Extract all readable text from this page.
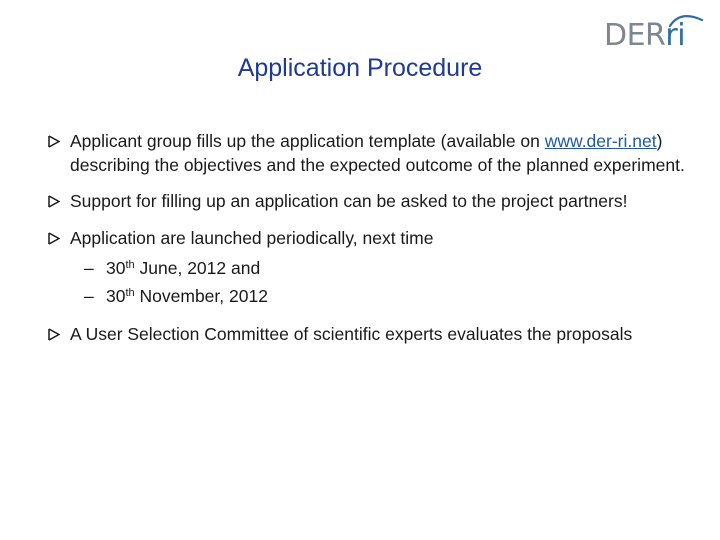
DERri
Application Procedure
Applicant group fills up the application template (available on www.der-ri.net) describing the objectives and the expected outcome of the planned experiment.
Support for filling up an application can be asked to the project partners!
Application are launched periodically, next time
– 30th June, 2012 and
– 30th November, 2012
A User Selection Committee of scientific experts evaluates the proposals
